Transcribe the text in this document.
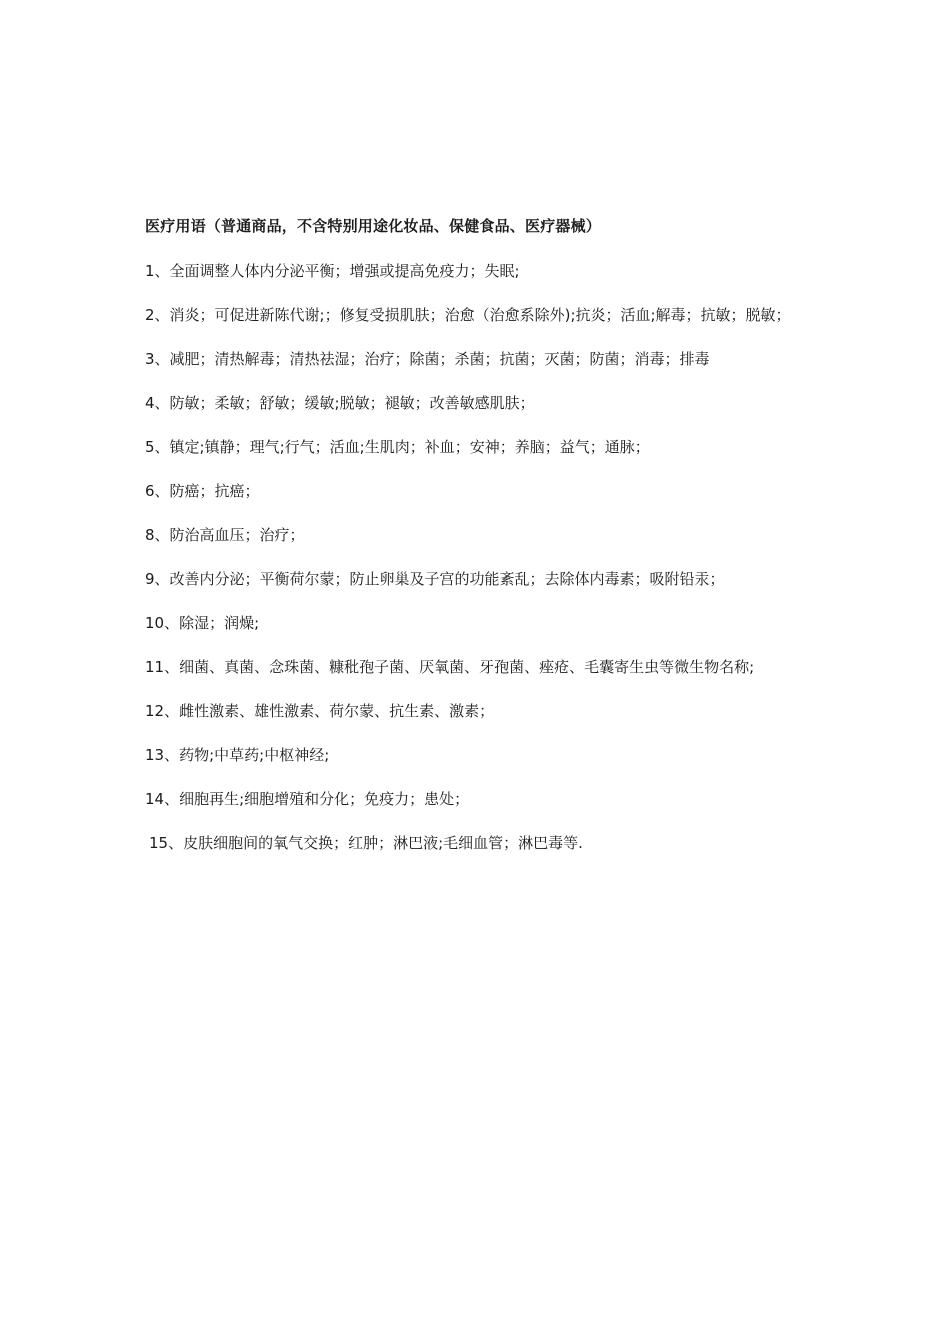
医疗用语（普通商品，不含特别用途化妆品、保健食品、医疗器械）
1、全面调整人体内分泌平衡；增强或提高免疫力；失眠;
2、消炎；可促进新陈代谢;；修复受损肌肤；治愈（治愈系除外);抗炎；活血;解毒；抗敏；脱敏；
3、减肥；清热解毒；清热祛湿；治疗；除菌；杀菌；抗菌；灭菌；防菌；消毒；排毒
4、防敏；柔敏；舒敏；缓敏;脱敏；褪敏；改善敏感肌肤；
5、镇定;镇静；理气;行气；活血;生肌肉；补血；安神；养脑；益气；通脉；
6、防癌；抗癌；
8、防治高血压；治疗；
9、改善内分泌；平衡荷尔蒙；防止卵巢及子宫的功能紊乱；去除体内毒素；吸附铅汞；
10、除湿；润燥;
11、细菌、真菌、念珠菌、糠秕孢子菌、厌氧菌、牙孢菌、痤疮、毛囊寄生虫等微生物名称;
12、雌性激素、雄性激素、荷尔蒙、抗生素、激素；
13、药物;中草药;中枢神经;
14、细胞再生;细胞增殖和分化；免疫力；患处；
15、皮肤细胞间的氧气交换；红肿；淋巴液;毛细血管；淋巴毒等.
